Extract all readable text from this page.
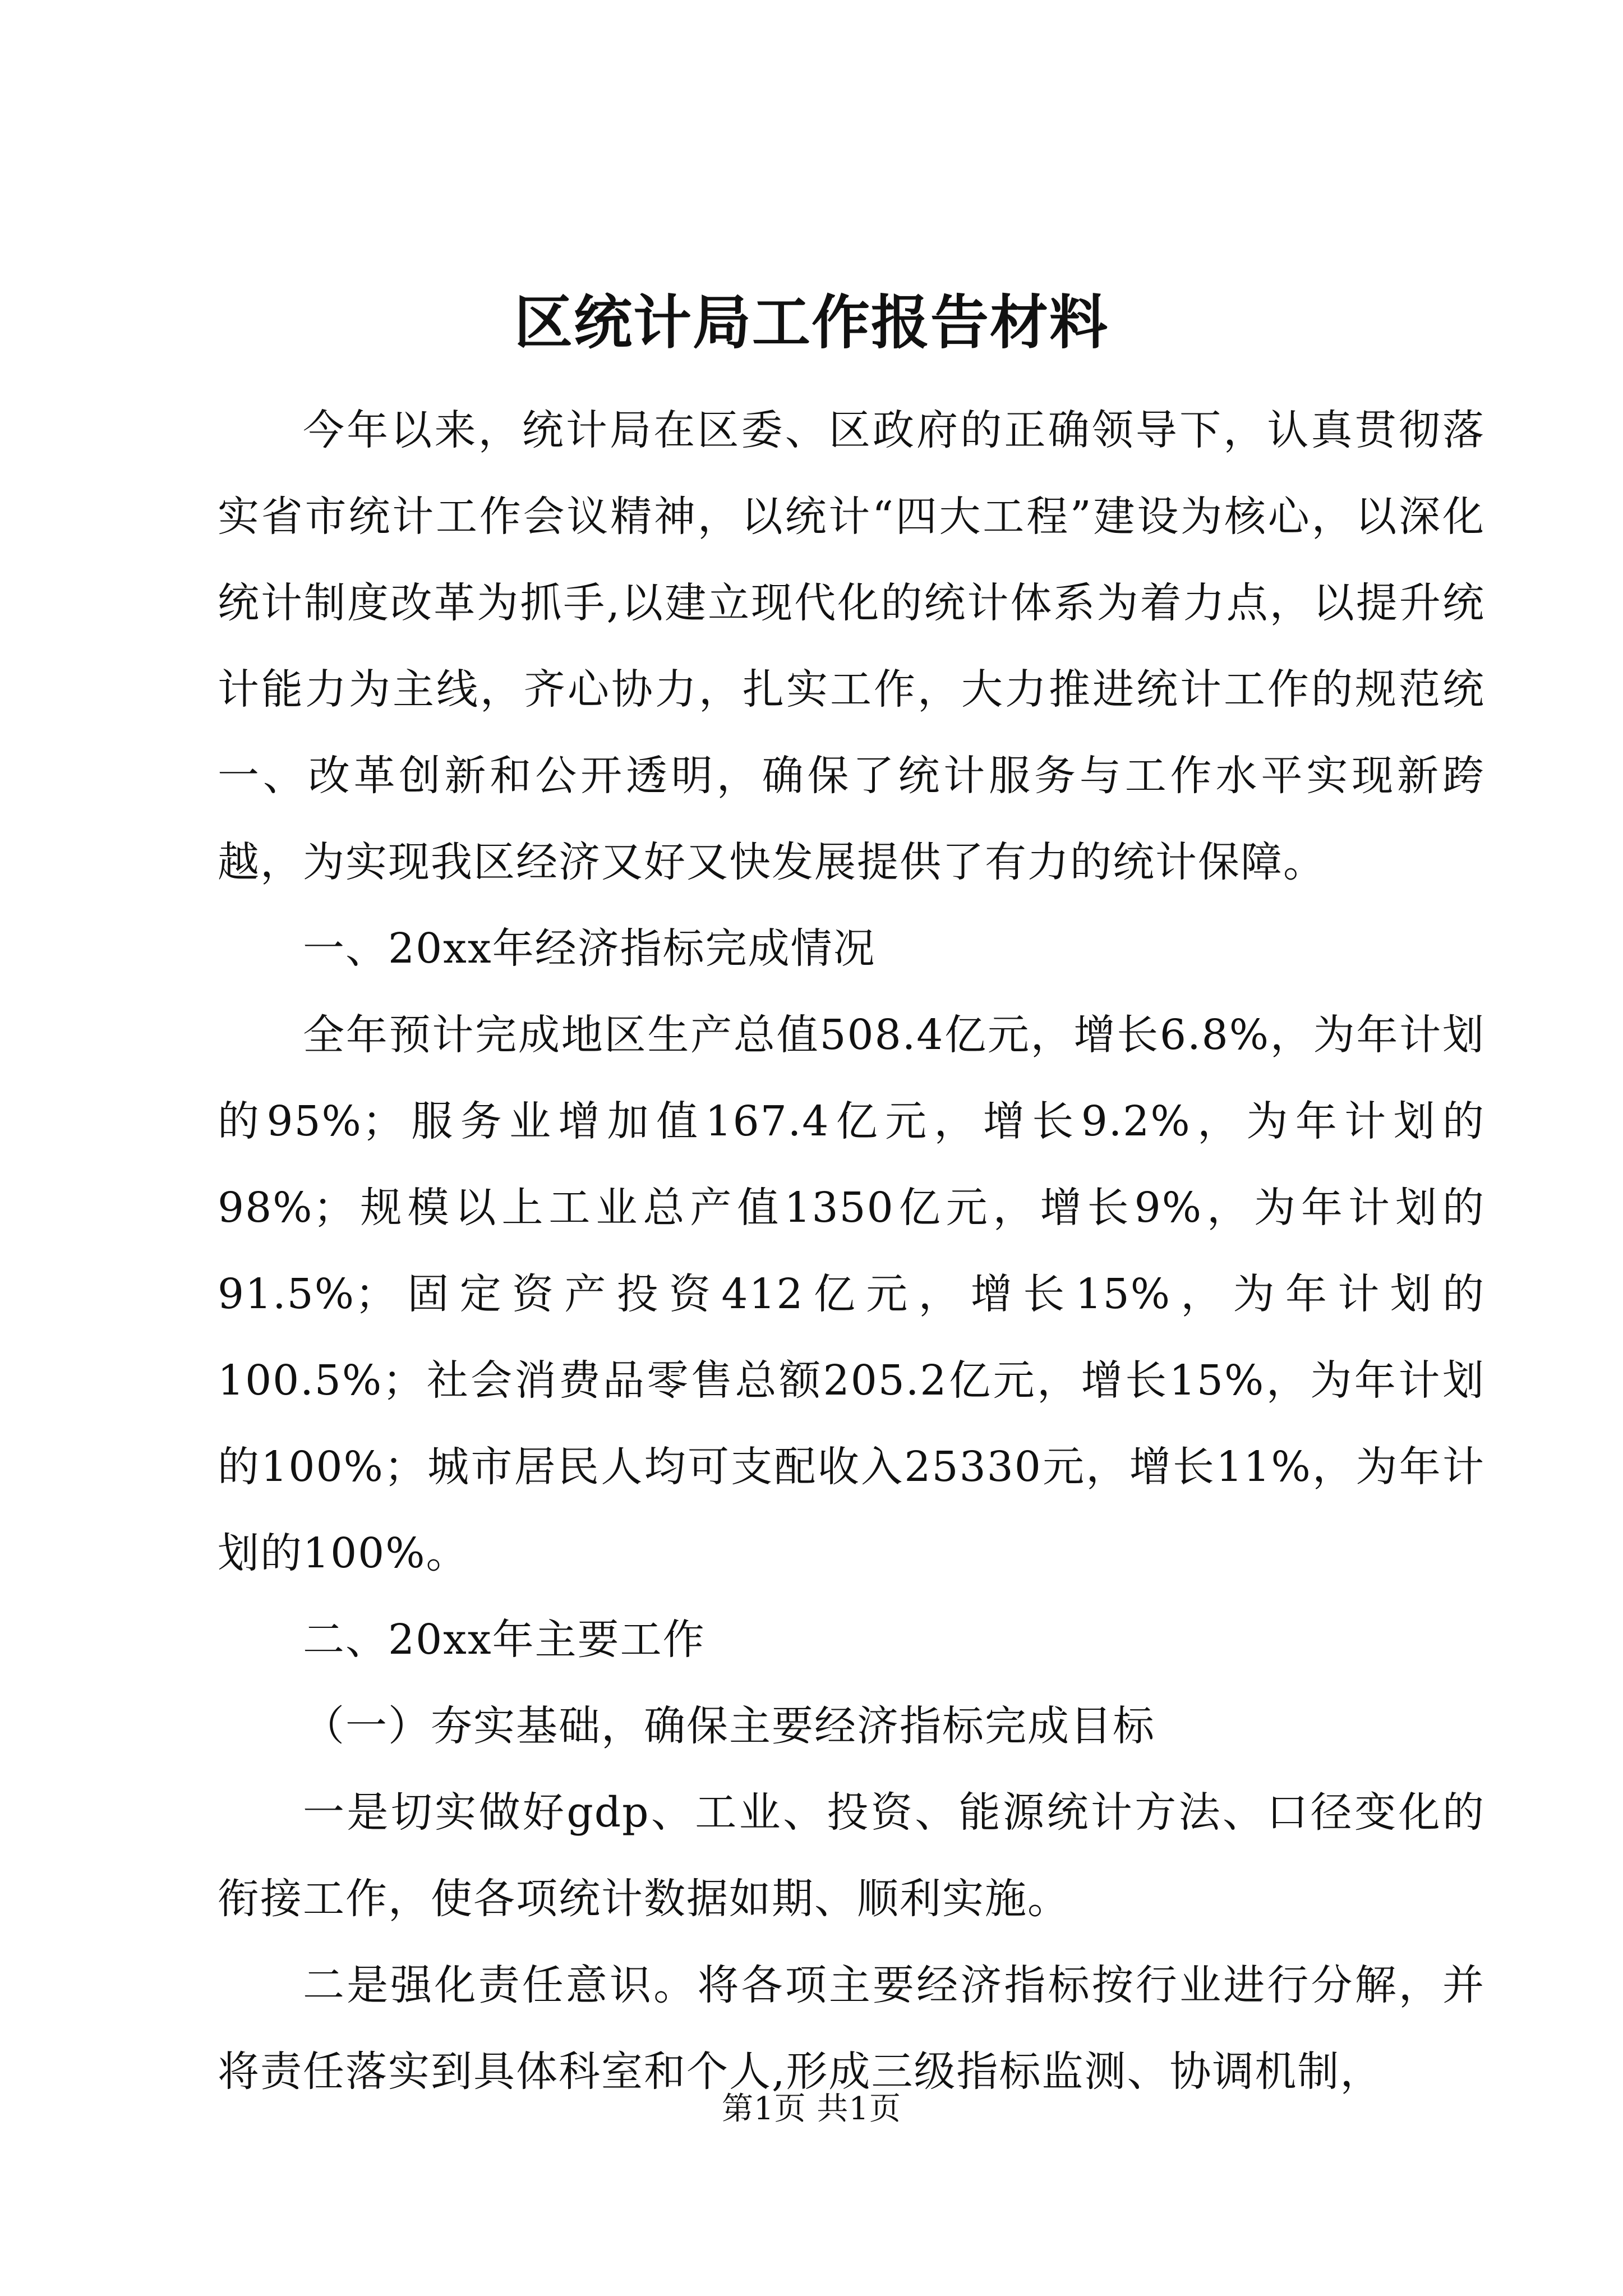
区统计局工作报告材料

今年以来，统计局在区委、区政府的正确领导下，认真贯彻落实省市统计工作会议精神，以统计“四大工程”建设为核心，以深化统计制度改革为抓手,以建立现代化的统计体系为着力点，以提升统计能力为主线，齐心协力，扎实工作，大力推进统计工作的规范统一、改革创新和公开透明，确保了统计服务与工作水平实现新跨越，为实现我区经济又好又快发展提供了有力的统计保障。

一、20xx年经济指标完成情况

全年预计完成地区生产总值508.4亿元，增长6.8%，为年计划的95%；服务业增加值167.4亿元，增长9.2%，为年计划的98%；规模以上工业总产值1350亿元，增长9%，为年计划的91.5%；固定资产投资412亿元，增长15%，为年计划的100.5%；社会消费品零售总额205.2亿元，增长15%，为年计划的100%；城市居民人均可支配收入25330元，增长11%，为年计划的100%。

二、20xx年主要工作

（一）夯实基础，确保主要经济指标完成目标

一是切实做好gdp、工业、投资、能源统计方法、口径变化的衔接工作，使各项统计数据如期、顺利实施。

二是强化责任意识。将各项主要经济指标按行业进行分解，并将责任落实到具体科室和个人,形成三级指标监测、协调机制，

第1页 共1页
